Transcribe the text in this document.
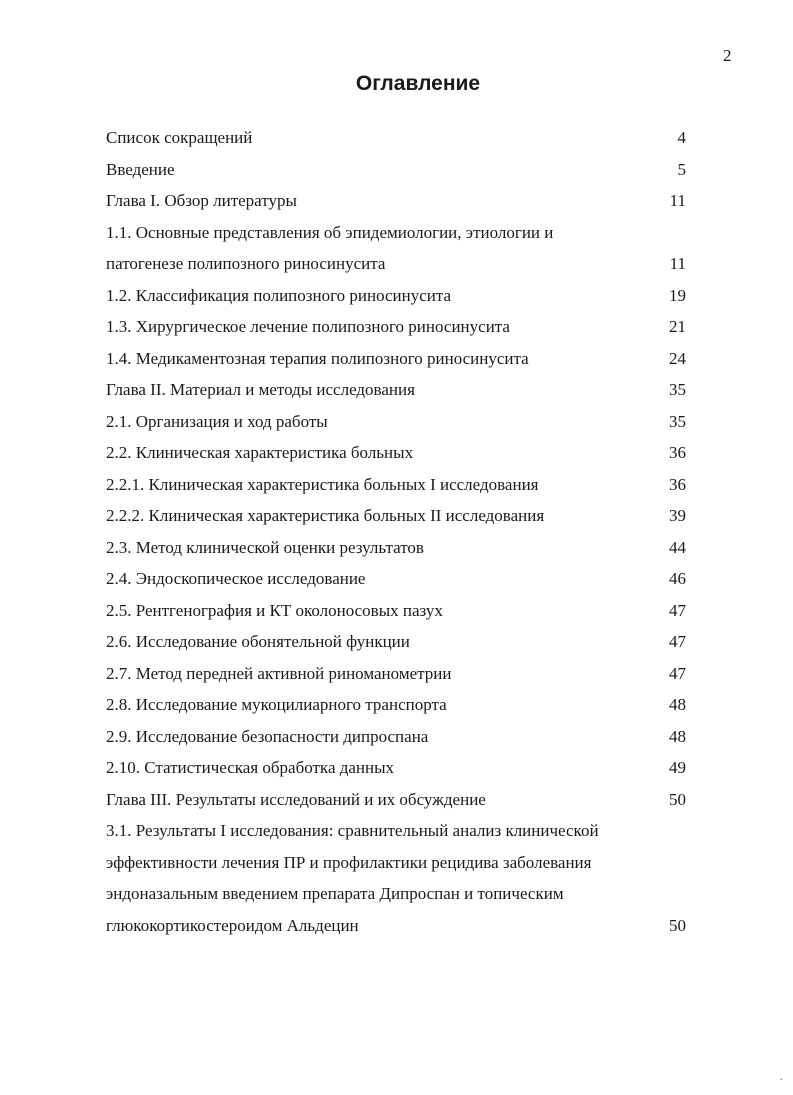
2
Оглавление
Список сокращений	4
Введение	5
Глава I. Обзор литературы	11
1.1. Основные представления об эпидемиологии, этиологии и
патогенезе полипозного риносинусита	11
1.2. Классификация полипозного риносинусита	19
1.3. Хирургическое лечение полипозного риносинусита	21
1.4. Медикаментозная терапия полипозного риносинусита	24
Глава II. Материал и методы исследования	35
2.1. Организация и ход работы	35
2.2. Клиническая характеристика больных	36
2.2.1. Клиническая характеристика больных I исследования	36
2.2.2. Клиническая характеристика больных II исследования	39
2.3. Метод клинической оценки результатов	44
2.4. Эндоскопическое исследование	46
2.5. Рентгенография и КТ околоносовых пазух	47
2.6. Исследование обонятельной функции	47
2.7. Метод передней активной риноманометрии	47
2.8. Исследование мукоцилиарного транспорта	48
2.9. Исследование безопасности дипроспана	48
2.10. Статистическая обработка данных	49
Глава III. Результаты исследований и их обсуждение	50
3.1. Результаты I исследования: сравнительный анализ клинической
эффективности лечения ПР и профилактики рецидива заболевания
эндоназальным введением препарата Дипроспан и топическим
глюкокортикостероидом Альдецин	50
.
